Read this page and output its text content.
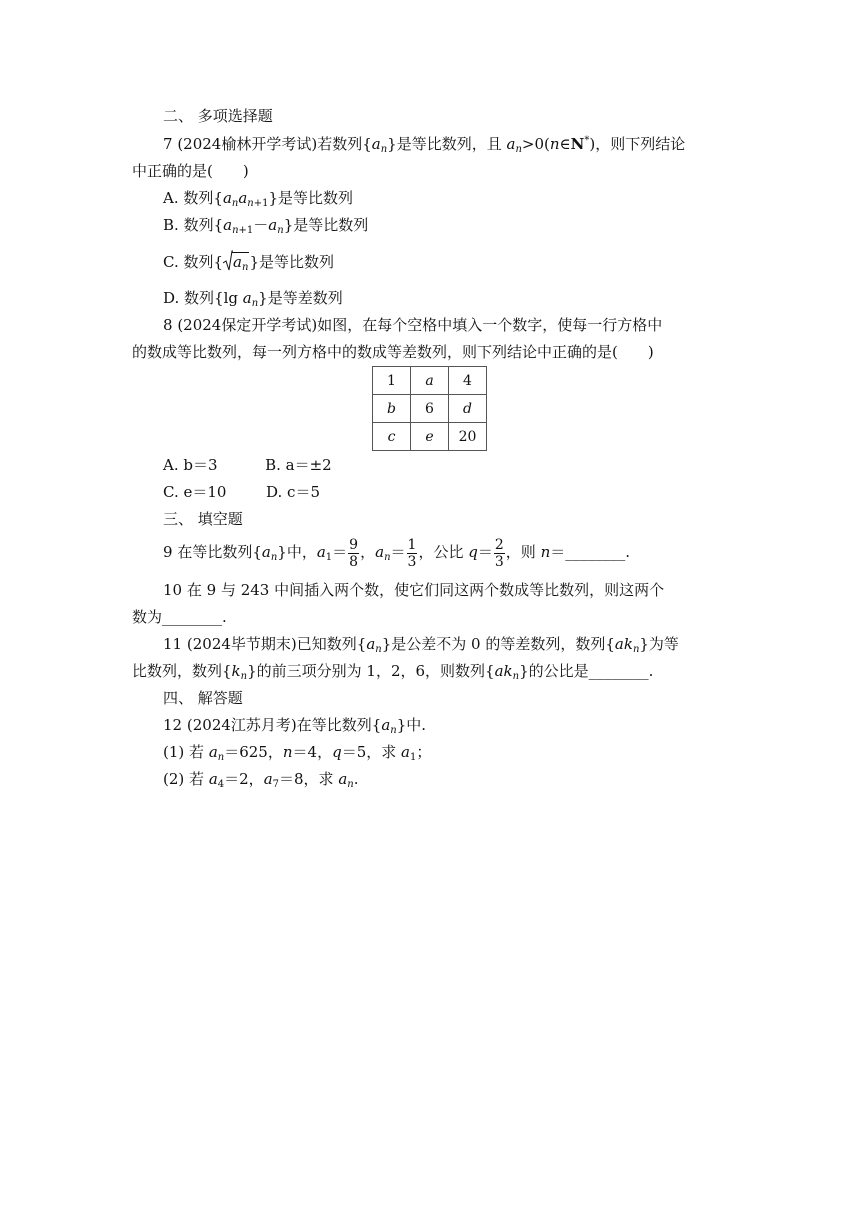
二、 多项选择题
7 (2024榆林开学考试)若数列$\{a_n\}$是等比数列，且 $a_n>0(n\in N^*)$，则下列结论
中正确的是(　　)
A. 数列$\{a_na_{n+1}\}$是等比数列
B. 数列$\{a_{n+1}-a_n\}$是等比数列
C. 数列{ $a_n$}是等比数列
D. 数列{lg $a_n$}是等差数列
8 (2024保定开学考试)如图，在每个空格中填入一个数字，使每一行方格中
的数成等比数列，每一列方格中的数成等差数列，则下列结论中正确的是(　　)
1	a	4
b	6	d
c	e	20
A. b＝3	B. a＝±2
C. e＝10	D. c＝5
三、 填空题
9 在等比数列$\{a_n\}$中，$a_1= \frac{9}{8}$ ，$a_n= \frac{1}{3}$ ，公比 $q= \frac{2}{3}$ ，则 n＝________.
10 在 9 与 243 中间插入两个数，使它们同这两个数成等比数列，则这两个
数为________.
11 (2024毕节期末)已知数列$\{a_n\}$是公差不为 0 的等差数列，数列$\{ak_n\}$为等
比数列，数列$\{k_n\}$的前三项分别为 1，2，6，则数列$\{ak_n\}$的公比是________.
四、 解答题
12 (2024江苏月考)在等比数列$\{a_n\}$中.
(1) 若 $a_n=625$，n＝4，q＝5，求 $a_1$；
(2) 若 $a_4=2$，$a_7=8$，求 $a_n$.
